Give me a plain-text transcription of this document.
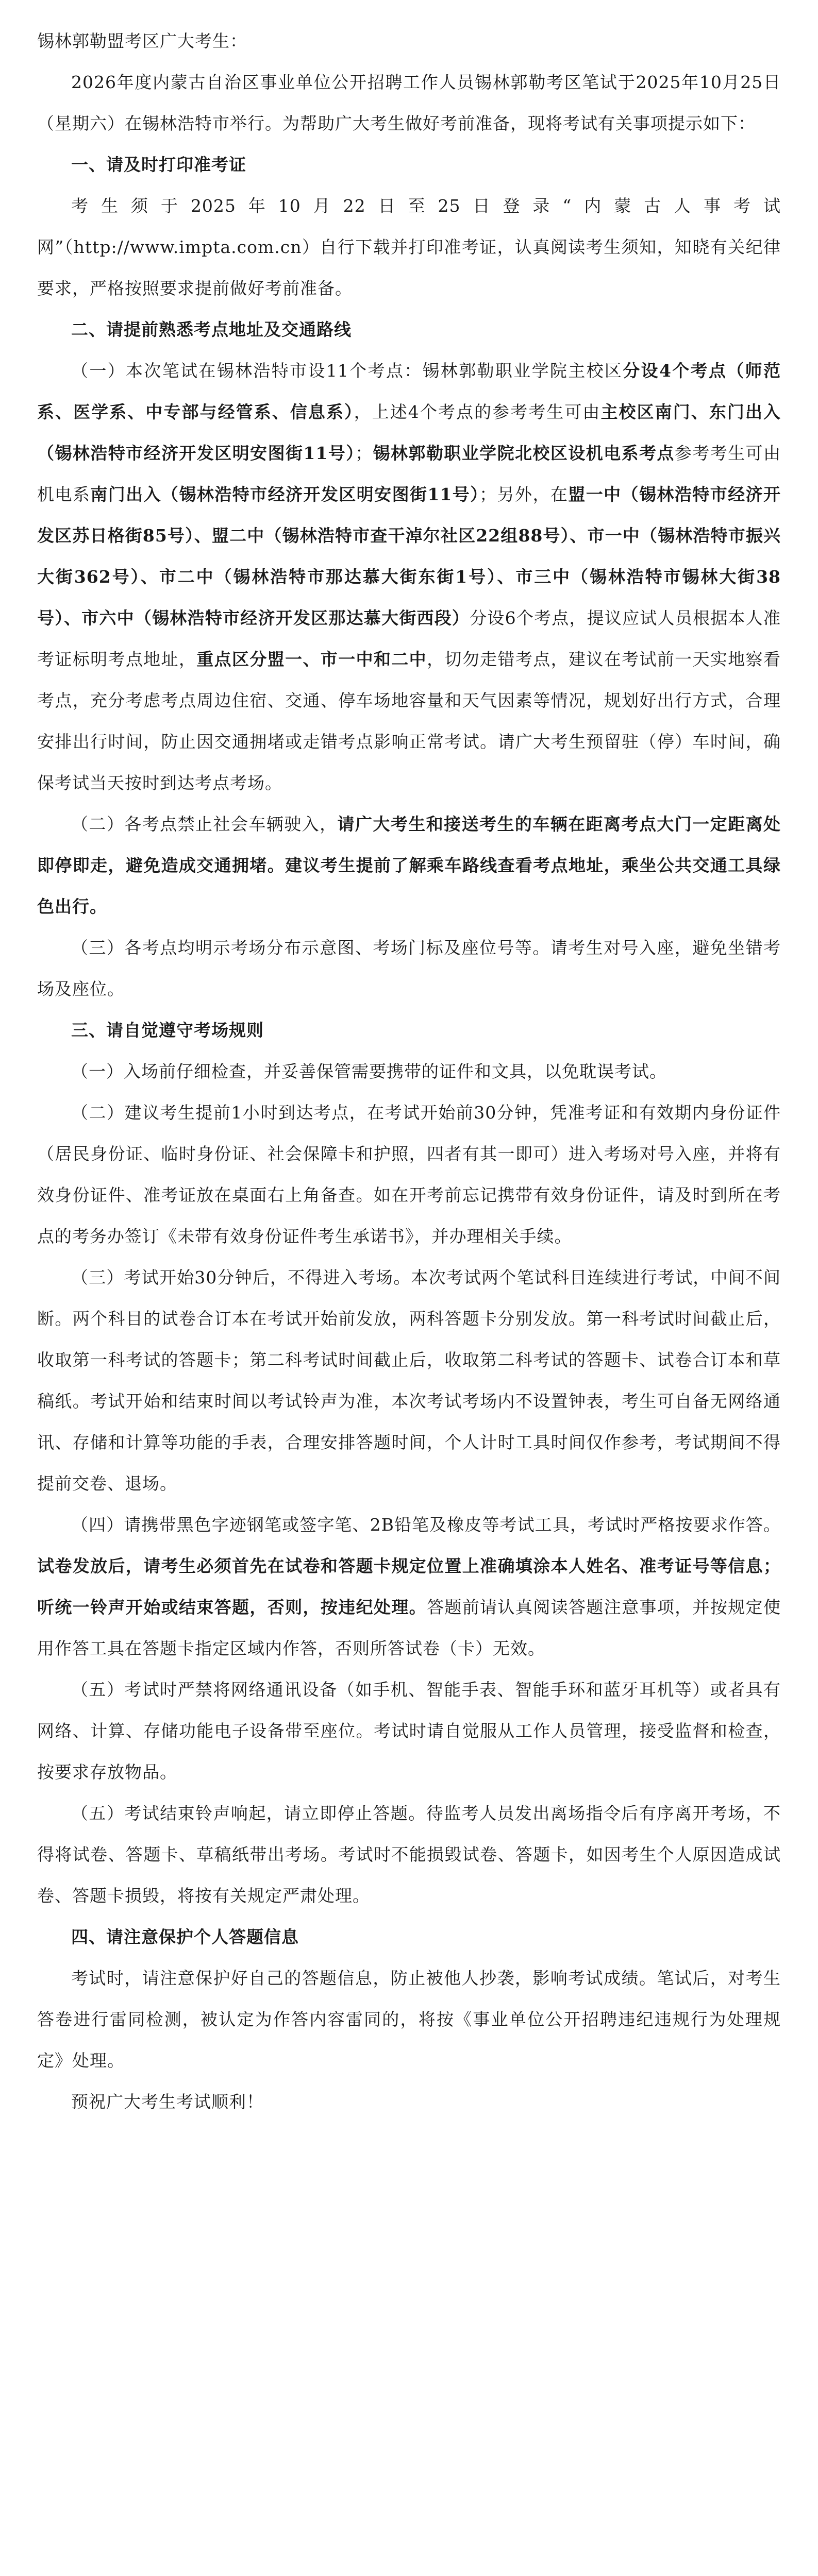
锡林郭勒盟考区广大考生：

2026年度内蒙古自治区事业单位公开招聘工作人员锡林郭勒考区笔试于2025年10月25日（星期六）在锡林浩特市举行。为帮助广大考生做好考前准备，现将考试有关事项提示如下：

一、请及时打印准考证

考生须于2025年10月22日至25日登录“内蒙古人事考试网”（http://www.impta.com.cn）自行下载并打印准考证，认真阅读考生须知，知晓有关纪律要求，严格按照要求提前做好考前准备。

二、请提前熟悉考点地址及交通路线

（一）本次笔试在锡林浩特市设11个考点：锡林郭勒职业学院主校区分设4个考点（师范系、医学系、中专部与经管系、信息系），上述4个考点的参考考生可由主校区南门、东门出入（锡林浩特市经济开发区明安图街11号）；锡林郭勒职业学院北校区设机电系考点参考考生可由机电系南门出入（锡林浩特市经济开发区明安图街11号）；另外，在盟一中（锡林浩特市经济开发区苏日格街85号）、盟二中（锡林浩特市查干淖尔社区22组88号）、市一中（锡林浩特市振兴大街362号）、市二中（锡林浩特市那达慕大街东街1号）、市三中（锡林浩特市锡林大街38号）、市六中（锡林浩特市经济开发区那达慕大街西段）分设6个考点，提议应试人员根据本人准考证标明考点地址，重点区分盟一、市一中和二中，切勿走错考点，建议在考试前一天实地察看考点，充分考虑考点周边住宿、交通、停车场地容量和天气因素等情况，规划好出行方式，合理安排出行时间，防止因交通拥堵或走错考点影响正常考试。请广大考生预留驻（停）车时间，确保考试当天按时到达考点考场。

（二）各考点禁止社会车辆驶入，请广大考生和接送考生的车辆在距离考点大门一定距离处即停即走，避免造成交通拥堵。建议考生提前了解乘车路线查看考点地址，乘坐公共交通工具绿色出行。

（三）各考点均明示考场分布示意图、考场门标及座位号等。请考生对号入座，避免坐错考场及座位。

三、请自觉遵守考场规则

（一）入场前仔细检查，并妥善保管需要携带的证件和文具，以免耽误考试。

（二）建议考生提前1小时到达考点，在考试开始前30分钟，凭准考证和有效期内身份证件（居民身份证、临时身份证、社会保障卡和护照，四者有其一即可）进入考场对号入座，并将有效身份证件、准考证放在桌面右上角备查。如在开考前忘记携带有效身份证件，请及时到所在考点的考务办签订《未带有效身份证件考生承诺书》，并办理相关手续。

（三）考试开始30分钟后，不得进入考场。本次考试两个笔试科目连续进行考试，中间不间断。两个科目的试卷合订本在考试开始前发放，两科答题卡分别发放。第一科考试时间截止后，收取第一科考试的答题卡；第二科考试时间截止后，收取第二科考试的答题卡、试卷合订本和草稿纸。考试开始和结束时间以考试铃声为准，本次考试考场内不设置钟表，考生可自备无网络通讯、存储和计算等功能的手表，合理安排答题时间，个人计时工具时间仅作参考，考试期间不得提前交卷、退场。

（四）请携带黑色字迹钢笔或签字笔、2B铅笔及橡皮等考试工具，考试时严格按要求作答。试卷发放后，请考生必须首先在试卷和答题卡规定位置上准确填涂本人姓名、准考证号等信息；听统一铃声开始或结束答题，否则，按违纪处理。答题前请认真阅读答题注意事项，并按规定使用作答工具在答题卡指定区域内作答，否则所答试卷（卡）无效。

（五）考试时严禁将网络通讯设备（如手机、智能手表、智能手环和蓝牙耳机等）或者具有网络、计算、存储功能电子设备带至座位。考试时请自觉服从工作人员管理，接受监督和检查，按要求存放物品。

（五）考试结束铃声响起，请立即停止答题。待监考人员发出离场指令后有序离开考场，不得将试卷、答题卡、草稿纸带出考场。考试时不能损毁试卷、答题卡，如因考生个人原因造成试卷、答题卡损毁，将按有关规定严肃处理。

四、请注意保护个人答题信息

考试时，请注意保护好自己的答题信息，防止被他人抄袭，影响考试成绩。笔试后，对考生答卷进行雷同检测，被认定为作答内容雷同的，将按《事业单位公开招聘违纪违规行为处理规定》处理。

预祝广大考生考试顺利！
